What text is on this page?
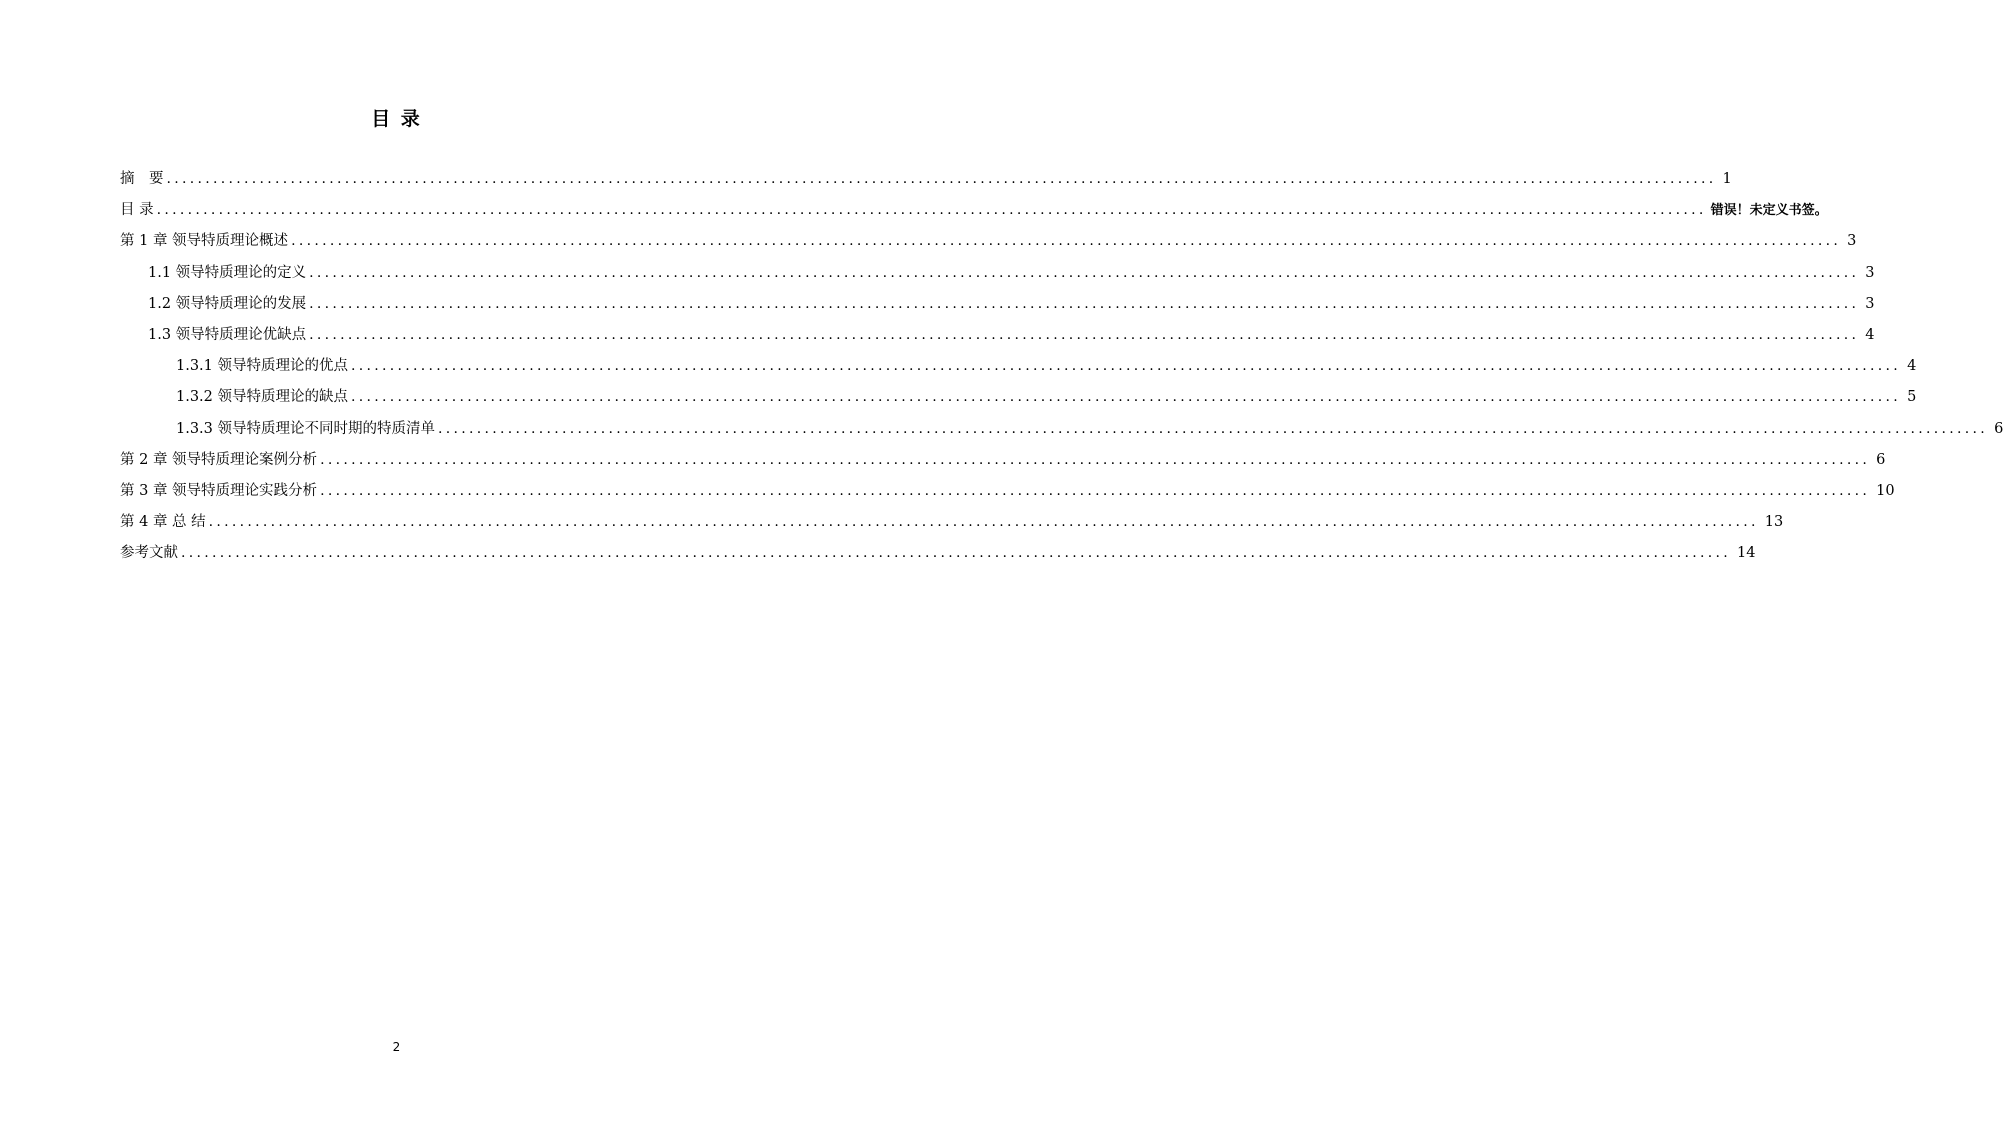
目 录
摘　要 ........................................................................................................................................................................................................ 1
目 录 ........................................................................................................................................................................................................ 错误！未定义书签。
第 1 章 领导特质理论概述 ........................................................................................................................................................................................................ 3
1.1 领导特质理论的定义 ........................................................................................................................................................................................................ 3
1.2 领导特质理论的发展 ........................................................................................................................................................................................................ 3
1.3 领导特质理论优缺点 ........................................................................................................................................................................................................ 4
1.3.1 领导特质理论的优点 ........................................................................................................................................................................................................ 4
1.3.2 领导特质理论的缺点 ........................................................................................................................................................................................................ 5
1.3.3 领导特质理论不同时期的特质清单 ........................................................................................................................................................................................................ 6
第 2 章 领导特质理论案例分析 ........................................................................................................................................................................................................ 6
第 3 章 领导特质理论实践分析 ........................................................................................................................................................................................................ 10
第 4 章 总 结 ........................................................................................................................................................................................................ 13
参考文献 ........................................................................................................................................................................................................ 14
2
